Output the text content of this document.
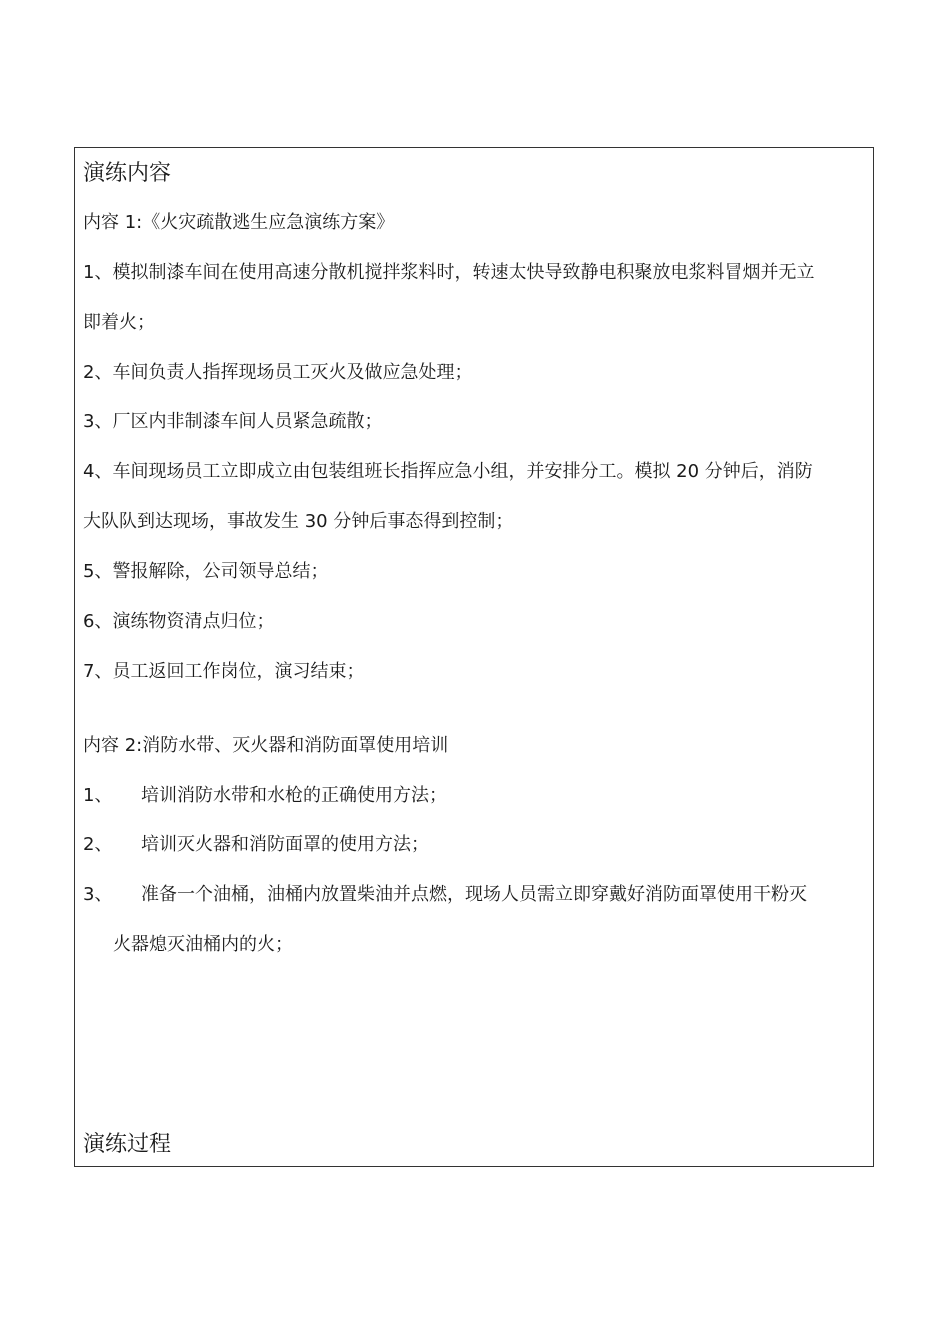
演练内容
内容 1:《火灾疏散逃生应急演练方案》
1、模拟制漆车间在使用高速分散机搅拌浆料时，转速太快导致静电积聚放电浆料冒烟并无立
即着火；
2、车间负责人指挥现场员工灭火及做应急处理；
3、厂区内非制漆车间人员紧急疏散；
4、车间现场员工立即成立由包装组班长指挥应急小组，并安排分工。模拟 20 分钟后，消防
大队队到达现场，事故发生 30 分钟后事态得到控制；
5、警报解除，公司领导总结；
6、演练物资清点归位；
7、员工返回工作岗位，演习结束；
内容 2:消防水带、灭火器和消防面罩使用培训
1、 培训消防水带和水枪的正确使用方法；
2、 培训灭火器和消防面罩的使用方法；
3、 准备一个油桶，油桶内放置柴油并点燃，现场人员需立即穿戴好消防面罩使用干粉灭
火器熄灭油桶内的火；
演练过程
